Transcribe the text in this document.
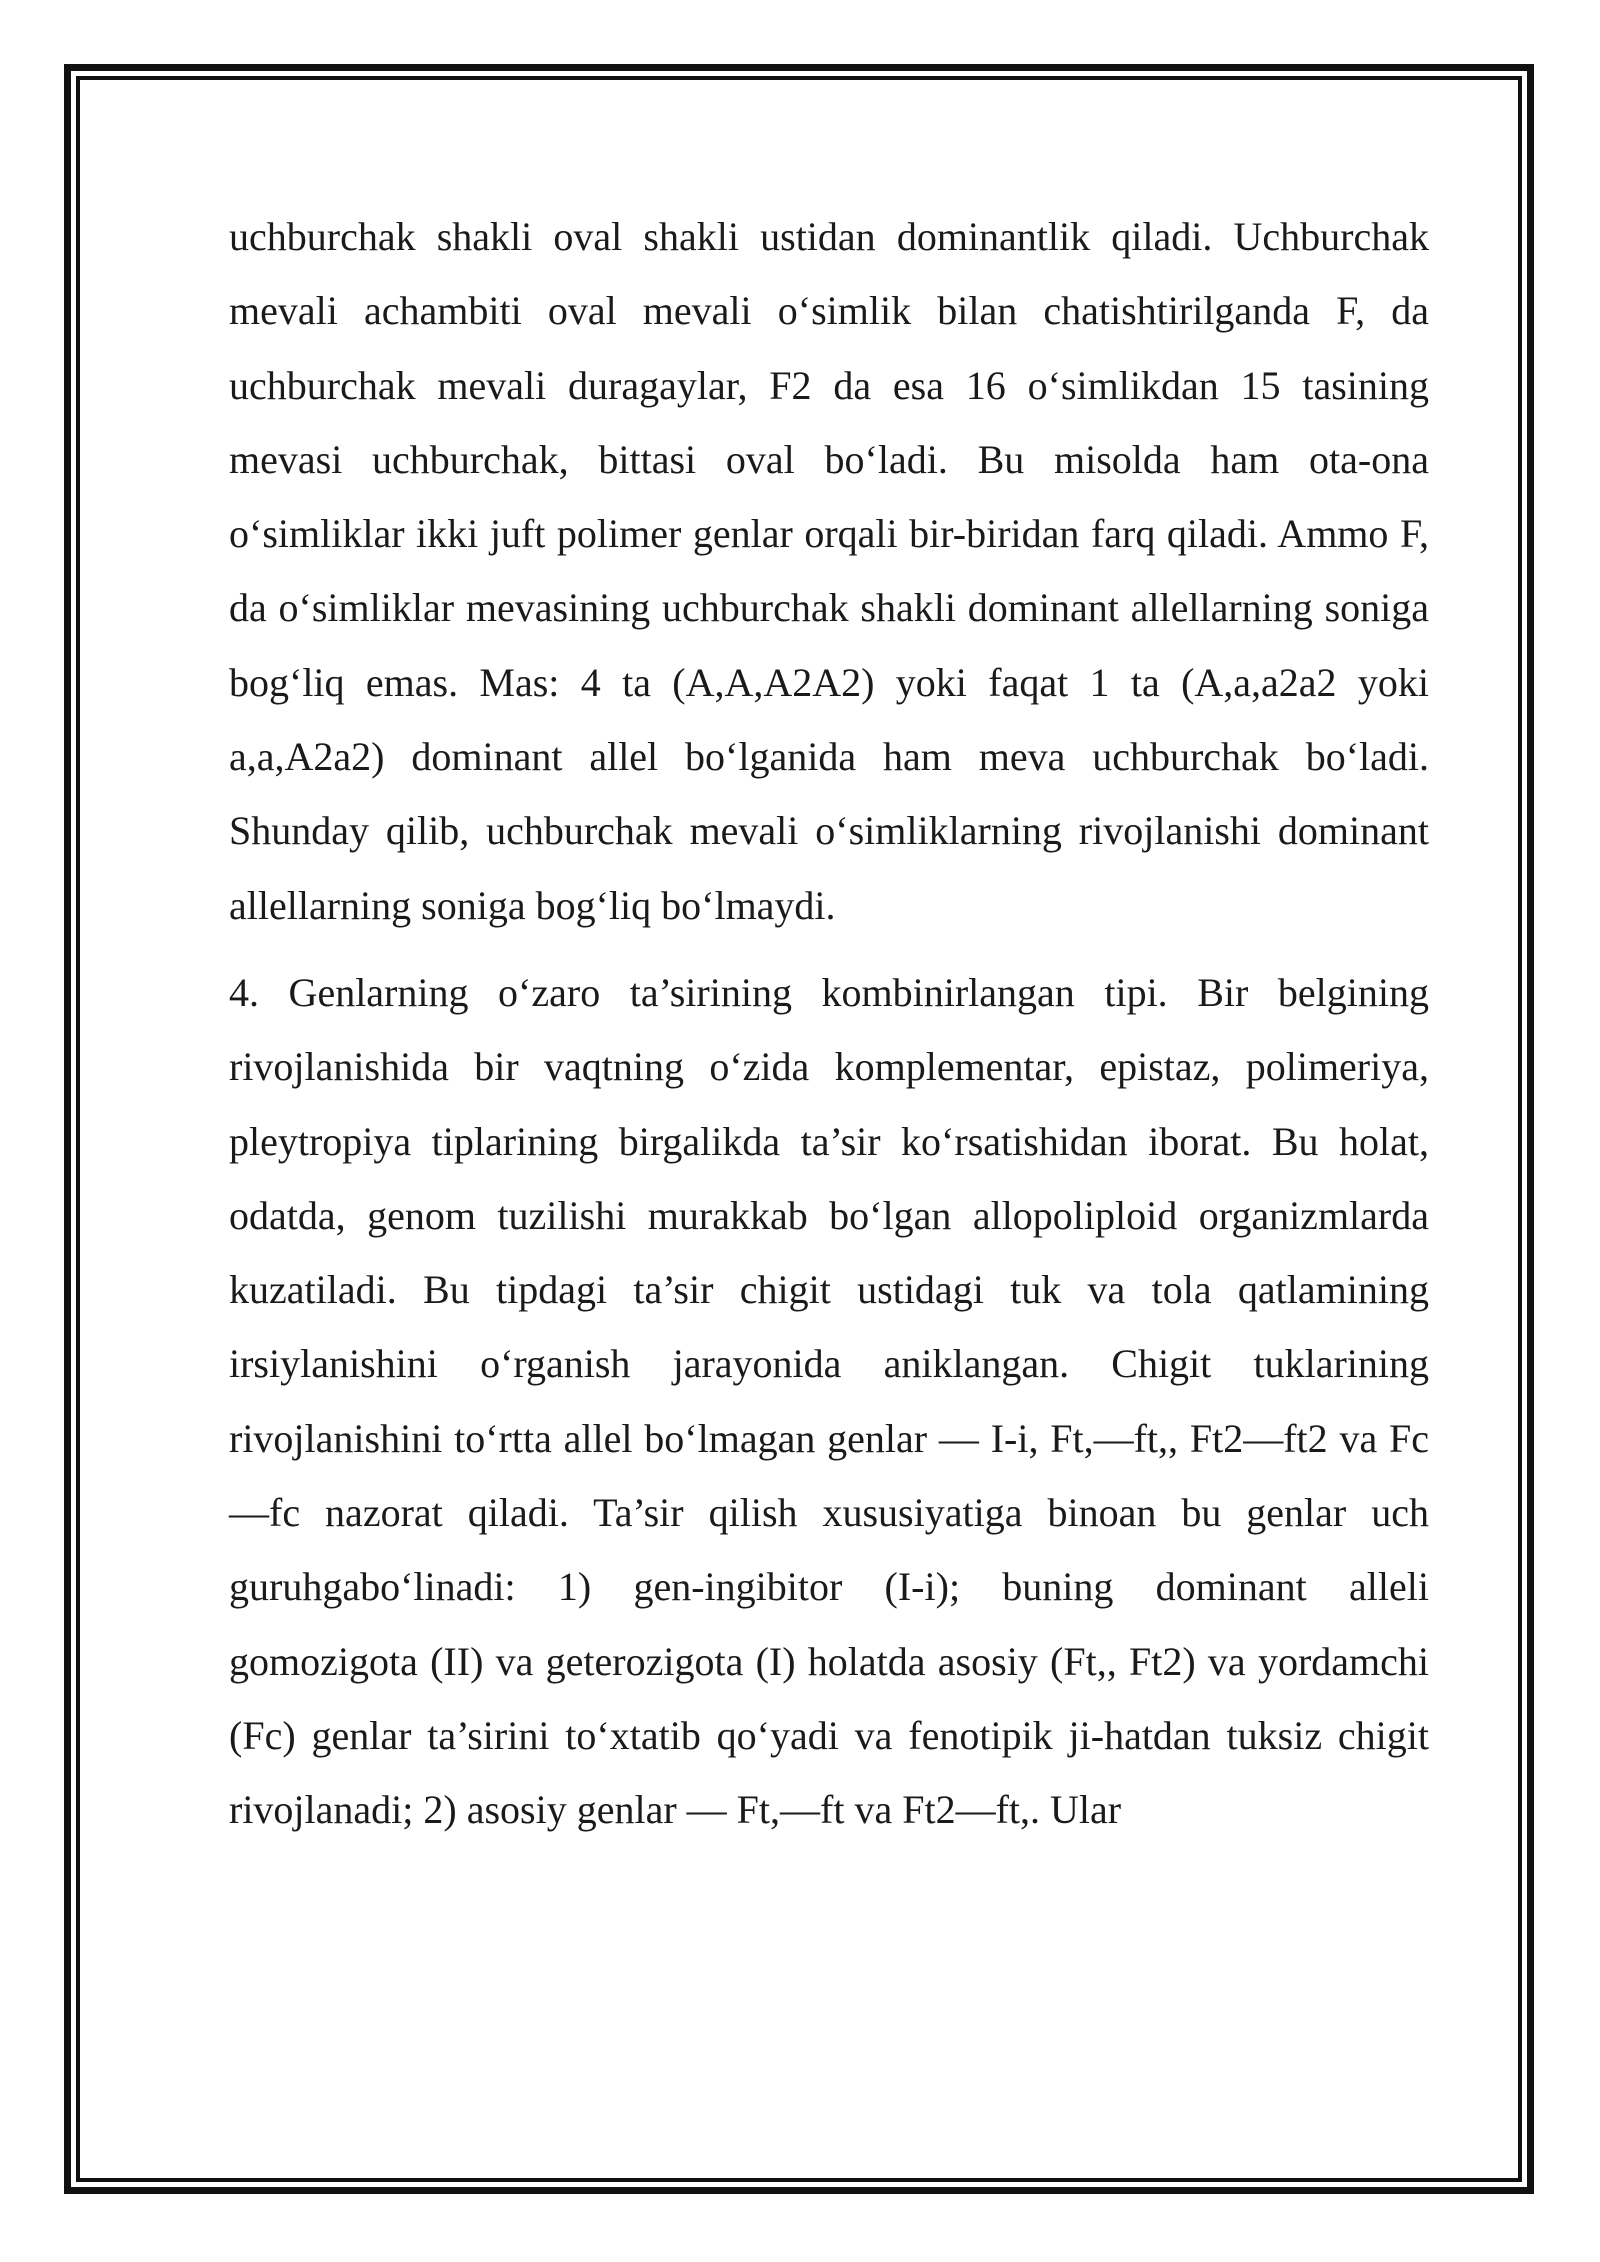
uchburchak shakli oval shakli ustidan dominantlik qiladi. Uchburchak mevali achambiti oval mevali o‘simlik bilan chatishtirilganda F, da uchburchak mevali duragaylar, F2 da esa 16 o‘simlikdan 15 tasining mevasi uchburchak, bittasi oval bo‘ladi. Bu misolda ham ota-ona o‘simliklar ikki juft polimer genlar orqali bir-biridan farq qiladi. Ammo F, da o‘simliklar mevasining uchburchak shakli dominant allellarning soniga bog‘liq emas. Mas: 4 ta (A,A,A2A2) yoki faqat 1 ta (A,a,a2a2 yoki a,a,A2a2) dominant allel bo‘lganida ham meva uchburchak bo‘ladi. Shunday qilib, uchburchak mevali o‘simliklarning rivojlanishi dominant allellarning soniga bog‘liq bo‘lmaydi.

4. Genlarning o‘zaro ta’sirining kombinirlangan tipi. Bir belgining rivojlanishida bir vaqtning o‘zida komplementar, epistaz, polimeriya, pleytropiya tiplarining birgalikda ta’sir ko‘rsatishidan iborat. Bu holat, odatda, genom tuzilishi murakkab bo‘lgan allopoliploid organizmlarda kuzatiladi. Bu tipdagi ta’sir chigit ustidagi tuk va tola qatlamining irsiylanishini o‘rganish jarayonida aniklangan. Chigit tuklarining rivojlanishini to‘rtta allel bo‘lmagan genlar — I-i, Ft,—ft,, Ft2—ft2 va Fc—fc nazorat qiladi. Ta’sir qilish xususiyatiga binoan bu genlar uch guruhgabo‘linadi: 1) gen-ingibitor (I-i); buning dominant alleli gomozigota (II) va geterozigota (I) holatda asosiy (Ft,, Ft2) va yordamchi (Fc) genlar ta’sirini to‘xtatib qo‘yadi va fenotipik ji-hatdan tuksiz chigit rivojlanadi; 2) asosiy genlar — Ft,—ft va Ft2—ft,. Ular
